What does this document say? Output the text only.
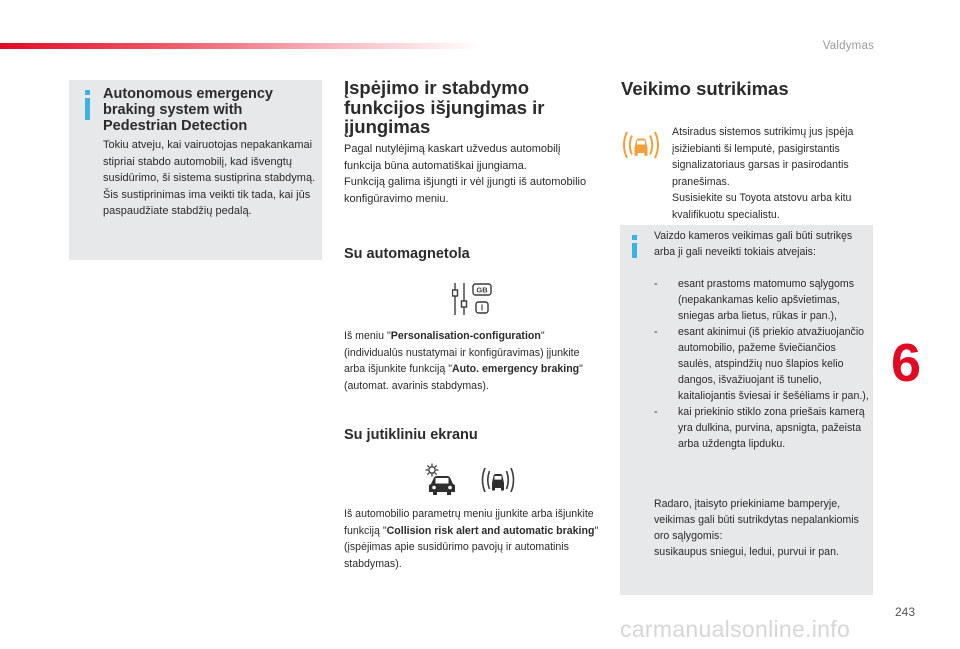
Valdymas
Autonomous emergency braking system with Pedestrian Detection
Tokiu atveju, kai vairuotojas nepakankamai stipriai stabdo automobilį, kad išvengtų susidūrimo, ši sistema sustiprina stabdymą.
Šis sustiprinimas ima veikti tik tada, kai jūs paspaudžiate stabdžių pedalą.
Įspėjimo ir stabdymo funkcijos išjungimas ir įjungimas
Pagal nutylėjimą kaskart užvedus automobilį funkcija būna automatiškai įjungiama.
Funkciją galima išjungti ir vėl įjungti iš automobilio konfigūravimo meniu.
Su automagnetola
GB
I
Iš meniu "Personalisation-configuration" (individualūs nustatymai ir konfigūravimas) įjunkite arba išjunkite funkciją "Auto. emergency braking" (automat. avarinis stabdymas).
Su jutikliniu ekranu
Iš automobilio parametrų meniu įjunkite arba išjunkite funkciją "Collision risk alert and automatic braking" (įspėjimas apie susidūrimo pavojų ir automatinis stabdymas).
Veikimo sutrikimas
Atsiradus sistemos sutrikimų jus įspėja įsižiebianti ši lemputė, pasigirstantis signalizatoriaus garsas ir pasirodantis pranešimas.
Susisiekite su Toyota atstovu arba kitu kvalifikuotu specialistu.
Vaizdo kameros veikimas gali būti sutrikęs arba ji gali neveikti tokiais atvejais:
- esant prastoms matomumo sąlygoms (nepakankamas kelio apšvietimas, sniegas arba lietus, rūkas ir pan.),
- esant akinimui (iš priekio atvažiuojančio automobilio, pažeme šviečiančios saulės, atspindžių nuo šlapios kelio dangos, išvažiuojant iš tunelio, kaitaliojantis šviesai ir šešėliams ir pan.),
- kai priekinio stiklo zona priešais kamerą yra dulkina, purvina, apsnigta, pažeista arba uždengta lipduku.
Radaro, įtaisyto priekiniame bamperyje, veikimas gali būti sutrikdytas nepalankiomis oro sąlygomis:
susikaupus sniegui, ledui, purvui ir pan.
6
243
carmanualsonline.info
